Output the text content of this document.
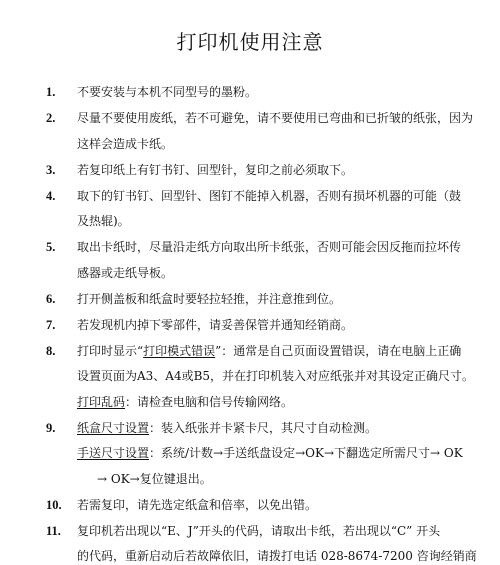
打印机使用注意
1. 不要安装与本机不同型号的墨粉。
2. 尽量不要使用废纸，若不可避免，请不要使用已弯曲和已折皱的纸张，因为
这样会造成卡纸。
3. 若复印纸上有钉书钉、回型针，复印之前必须取下。
4. 取下的钉书钉、回型针、图钉不能掉入机器，否则有损坏机器的可能（鼓
及热辊)。
5. 取出卡纸时，尽量沿走纸方向取出所卡纸张，否则可能会因反拖而拉坏传
感器或走纸导板。
6. 打开侧盖板和纸盒时要轻拉轻推，并注意推到位。
7. 若发现机内掉下零部件，请妥善保管并通知经销商。
8. 打印时显示“打印模式错误”：通常是自己页面设置错误，请在电脑上正确
设置页面为A3、A4或B5，并在打印机装入对应纸张并对其设定正确尺寸。
打印乱码：请检查电脑和信号传输网络。
9. 纸盒尺寸设置：装入纸张并卡紧卡尺，其尺寸自动检测。
手送尺寸设置：系统/计数→手送纸盘设定→OK→下翻选定所需尺寸→ OK
→ OK→复位键退出。
10. 若需复印，请先选定纸盒和倍率，以免出错。
11. 复印机若出现以“E、J”开头的代码，请取出卡纸，若出现以“C” 开头
的代码，重新启动后若故障依旧，请拨打电话 028-8674-7200 咨询经销商
